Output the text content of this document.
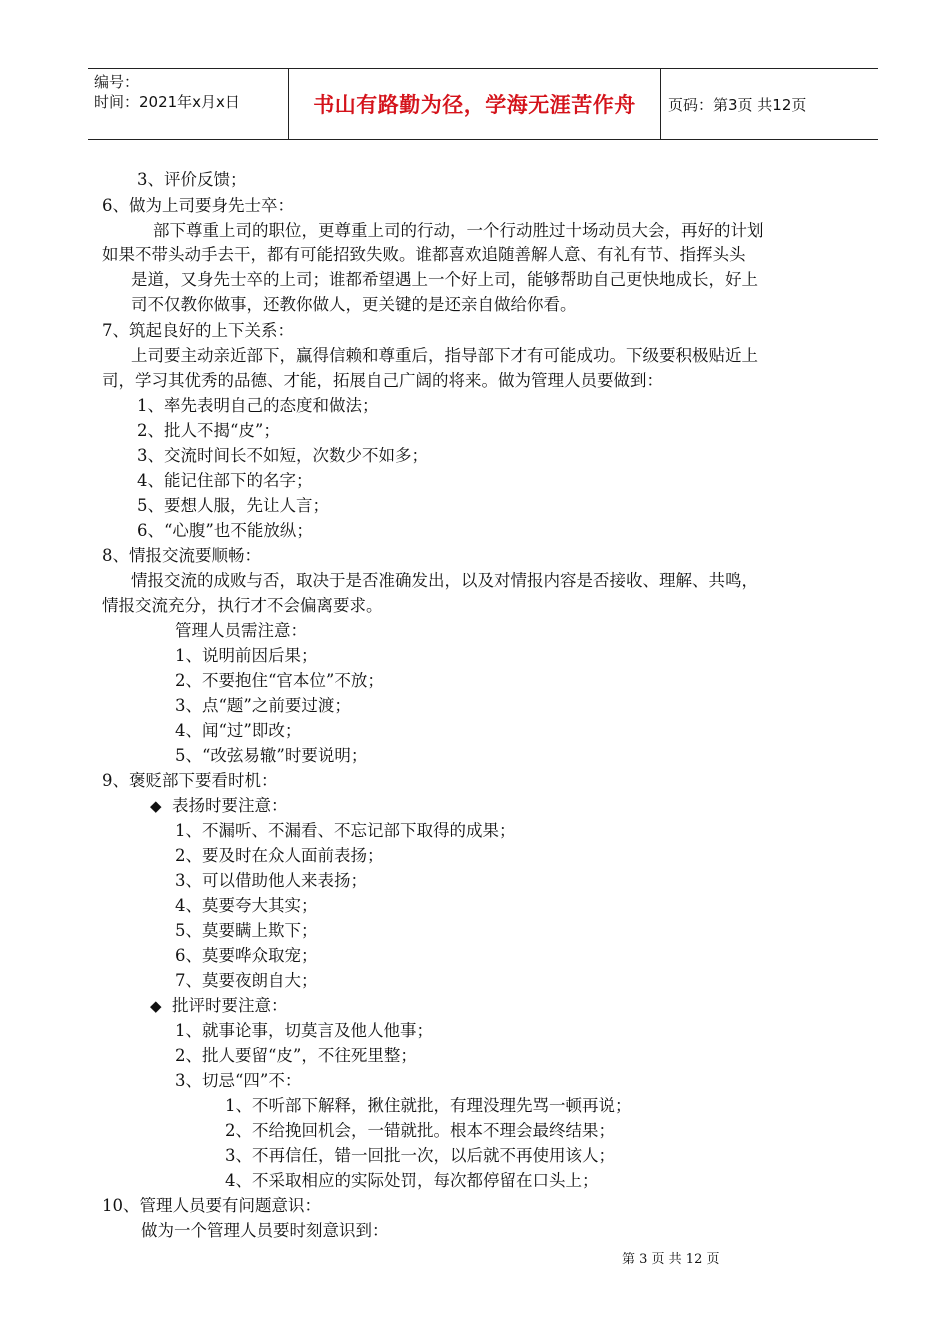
编号：
时间：2021年x月x日	书山有路勤为径，学海无涯苦作舟	页码：第3页 共12页
3、评价反馈；
6、做为上司要身先士卒：
部下尊重上司的职位，更尊重上司的行动，一个行动胜过十场动员大会，再好的计划
如果不带头动手去干，都有可能招致失败。谁都喜欢追随善解人意、有礼有节、指挥头头
是道，又身先士卒的上司；谁都希望遇上一个好上司，能够帮助自己更快地成长，好上
司不仅教你做事，还教你做人，更关键的是还亲自做给你看。
7、筑起良好的上下关系：
上司要主动亲近部下，赢得信赖和尊重后，指导部下才有可能成功。下级要积极贴近上
司，学习其优秀的品德、才能，拓展自己广阔的将来。做为管理人员要做到：
1、率先表明自己的态度和做法；
2、批人不揭“皮”；
3、交流时间长不如短，次数少不如多；
4、能记住部下的名字；
5、要想人服，先让人言；
6、“心腹”也不能放纵；
8、情报交流要顺畅：
情报交流的成败与否，取决于是否准确发出，以及对情报内容是否接收、理解、共鸣，
情报交流充分，执行才不会偏离要求。
管理人员需注意：
1、说明前因后果；
2、不要抱住“官本位”不放；
3、点“题”之前要过渡；
4、闻“过”即改；
5、“改弦易辙”时要说明；
9、褒贬部下要看时机：
◆ 表扬时要注意：
1、不漏听、不漏看、不忘记部下取得的成果；
2、要及时在众人面前表扬；
3、可以借助他人来表扬；
4、莫要夸大其实；
5、莫要瞒上欺下；
6、莫要哗众取宠；
7、莫要夜朗自大；
◆ 批评时要注意：
1、就事论事，切莫言及他人他事；
2、批人要留“皮”，不往死里整；
3、切忌“四”不：
1、不听部下解释，揪住就批，有理没理先骂一顿再说；
2、不给挽回机会，一错就批。根本不理会最终结果；
3、不再信任，错一回批一次，以后就不再使用该人；
4、不采取相应的实际处罚，每次都停留在口头上；
10、管理人员要有问题意识：
做为一个管理人员要时刻意识到：
第 3 页 共 12 页
